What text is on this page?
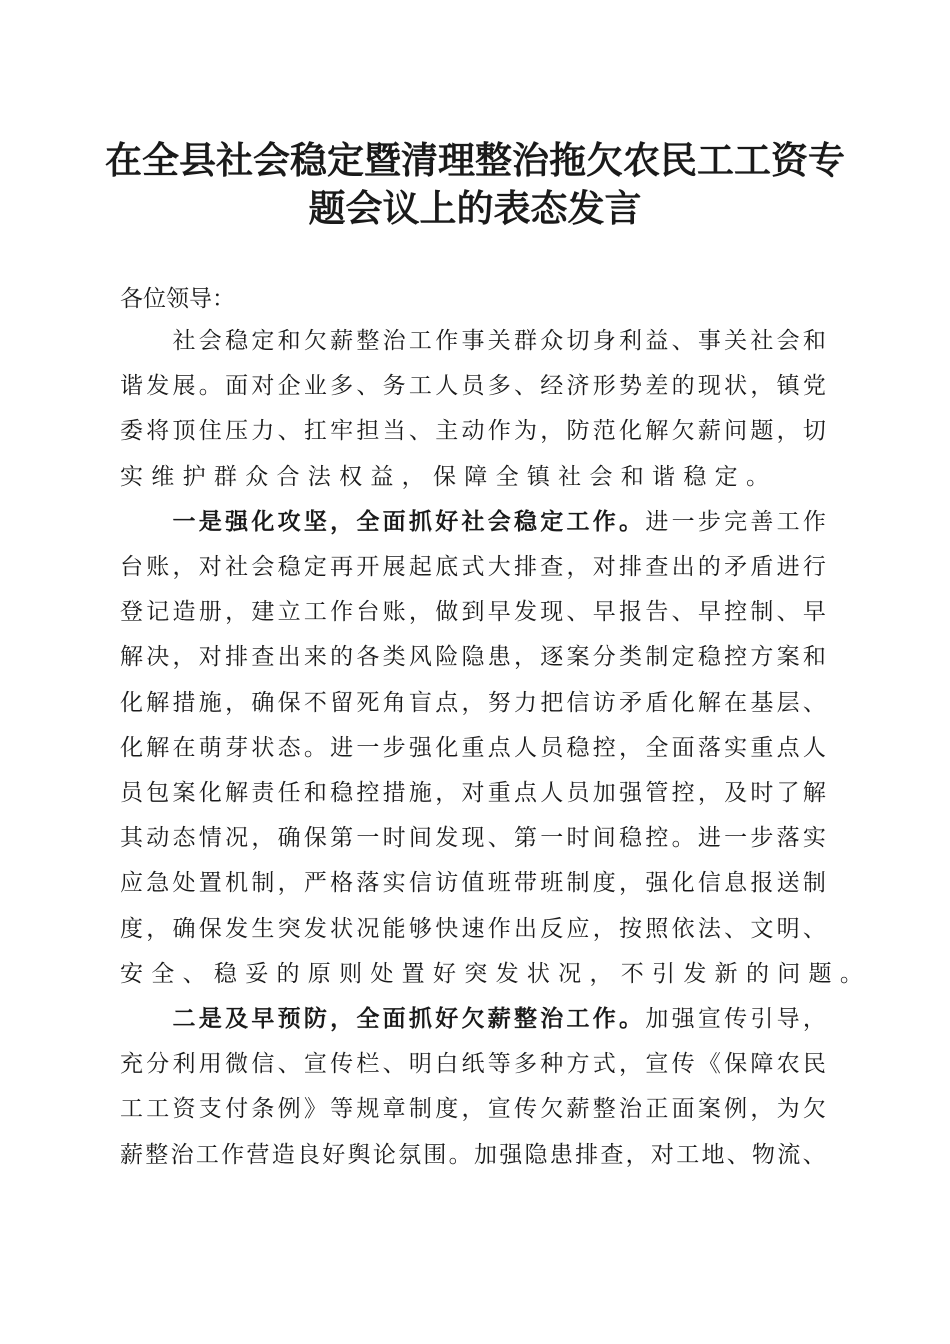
在全县社会稳定暨清理整治拖欠农民工工资专
题会议上的表态发言
各位领导：

社 会 稳 定 和 欠 薪 整 治 工 作 事 关 群 众 切 身 利 益 、 事 关 社 会 和
谐 发 展 。 面 对 企 业 多 、 务 工 人 员 多 、 经 济 形 势 差 的 现 状 ， 镇 党
委 将 顶 住 压 力 、 扛 牢 担 当 、 主 动 作 为 ， 防 范 化 解 欠 薪 问 题 ， 切
实 维 护 群 众 合 法 权 益 ， 保 障 全 镇 社 会 和 谐 稳 定 。

一 是 强 化 攻 坚 ， 全 面 抓 好 社 会 稳 定 工 作 。 进 一 步 完 善 工 作
台 账 ， 对 社 会 稳 定 再 开 展 起 底 式 大 排 查 ， 对 排 查 出 的 矛 盾 进 行
登 记 造 册 ， 建 立 工 作 台 账 ， 做 到 早 发 现 、 早 报 告 、 早 控 制 、 早
解 决 ， 对 排 查 出 来 的 各 类 风 险 隐 患 ， 逐 案 分 类 制 定 稳 控 方 案 和
化 解 措 施 ， 确 保 不 留 死 角 盲 点 ， 努 力 把 信 访 矛 盾 化 解 在 基 层 、
化 解 在 萌 芽 状 态 。 进 一 步 强 化 重 点 人 员 稳 控 ， 全 面 落 实 重 点 人
员 包 案 化 解 责 任 和 稳 控 措 施 ， 对 重 点 人 员 加 强 管 控 ， 及 时 了 解
其 动 态 情 况 ， 确 保 第 一 时 间 发 现 、 第 一 时 间 稳 控 。 进 一 步 落 实
应 急 处 置 机 制 ， 严 格 落 实 信 访 值 班 带 班 制 度 ， 强 化 信 息 报 送 制
度 ， 确 保 发 生 突 发 状 况 能 够 快 速 作 出 反 应 ， 按 照 依 法 、 文 明 、
安 全 、 稳 妥 的 原 则 处 置 好 突 发 状 况 ， 不 引 发 新 的 问 题 。

二 是 及 早 预 防 ， 全 面 抓 好 欠 薪 整 治 工 作 。 加 强 宣 传 引 导 ，
充 分 利 用 微 信 、 宣 传 栏 、 明 白 纸 等 多 种 方 式 ， 宣 传 《 保 障 农 民
工 工 资 支 付 条 例 》 等 规 章 制 度 ， 宣 传 欠 薪 整 治 正 面 案 例 ， 为 欠
薪 整 治 工 作 营 造 良 好 舆 论 氛 围 。 加 强 隐 患 排 查 ， 对 工 地 、 物 流 、
